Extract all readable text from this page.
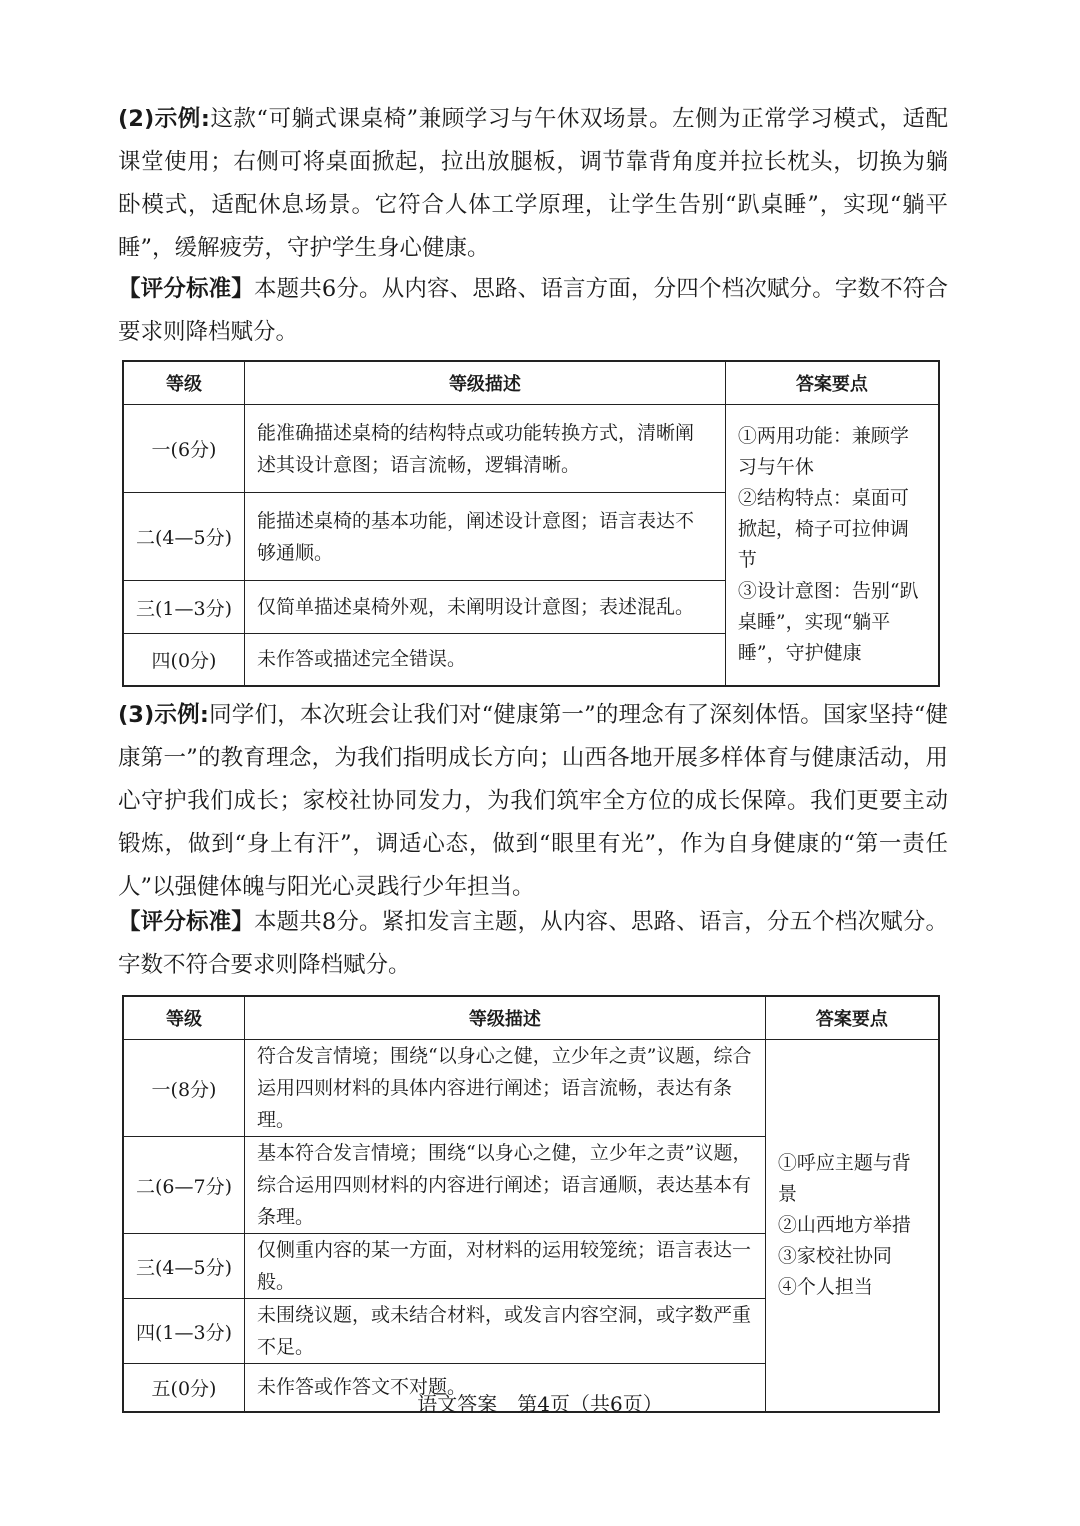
(2)示例:这款“可躺式课桌椅”兼顾学习与午休双场景。左侧为正常学习模式，适配课堂使用；右侧可将桌面掀起，拉出放腿板，调节靠背角度并拉长枕头，切换为躺卧模式，适配休息场景。它符合人体工学原理，让学生告别“趴桌睡”，实现“躺平睡”，缓解疲劳，守护学生身心健康。

【评分标准】本题共6分。从内容、思路、语言方面，分四个档次赋分。字数不符合要求则降档赋分。

等级	等级描述	答案要点
一(6分)	能准确描述桌椅的结构特点或功能转换方式，清晰阐述其设计意图；语言流畅，逻辑清晰。	①两用功能：兼顾学习与午休
②结构特点：桌面可掀起，椅子可拉伸调节
③设计意图：告别“趴桌睡”，实现“躺平睡”，守护健康

二(4—5分)	能描述桌椅的基本功能，阐述设计意图；语言表达不够通顺。	
三(1—3分)	仅简单描述桌椅外观，未阐明设计意图；表述混乱。	
四(0分)	未作答或描述完全错误。	

(3)示例:同学们，本次班会让我们对“健康第一”的理念有了深刻体悟。国家坚持“健康第一”的教育理念，为我们指明成长方向；山西各地开展多样体育与健康活动，用心守护我们成长；家校社协同发力，为我们筑牢全方位的成长保障。我们更要主动锻炼，做到“身上有汗”，调适心态，做到“眼里有光”，作为自身健康的“第一责任人”以强健体魄与阳光心灵践行少年担当。

【评分标准】本题共8分。紧扣发言主题，从内容、思路、语言，分五个档次赋分。字数不符合要求则降档赋分。

等级	等级描述	答案要点
一(8分)	符合发言情境；围绕“以身心之健，立少年之责”议题，综合运用四则材料的具体内容进行阐述；语言流畅，表达有条理。	①呼应主题与背景
②山西地方举措
③家校社协同
④个人担当

二(6—7分)	基本符合发言情境；围绕“以身心之健，立少年之责”议题，综合运用四则材料的内容进行阐述；语言通顺，表达基本有条理。	
三(4—5分)	仅侧重内容的某一方面，对材料的运用较笼统；语言表达一般。	
四(1—3分)	未围绕议题，或未结合材料，或发言内容空洞，或字数严重不足。	
五(0分)	未作答或作答文不对题。	
语文答案　第4页（共6页）
